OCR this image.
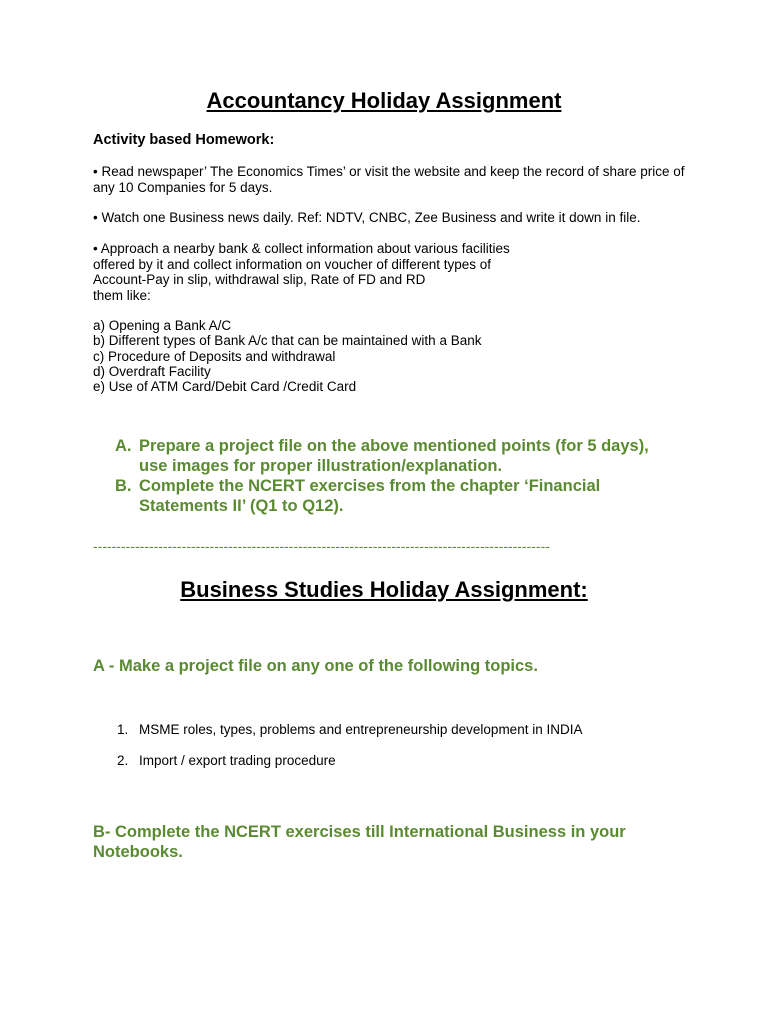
Accountancy Holiday Assignment

Activity based Homework:

• Read newspaper’ The Economics Times’ or visit the website and keep the record of share price of any 10 Companies for 5 days.

• Watch one Business news daily. Ref: NDTV, CNBC, Zee Business and write it down in file.

• Approach a nearby bank & collect information about various facilities
offered by it and collect information on voucher of different types of
Account-Pay in slip, withdrawal slip, Rate of FD and RD
them like:

a) Opening a Bank A/C
b) Different types of Bank A/c that can be maintained with a Bank
c) Procedure of Deposits and withdrawal
d) Overdraft Facility
e) Use of ATM Card/Debit Card /Credit Card
A. Prepare a project file on the above mentioned points (for 5 days), use images for proper illustration/explanation.
B. Complete the NCERT exercises from the chapter ‘Financial Statements II’ (Q1 to Q12).
--------------------------------------------------------------------------------------------------
Business Studies Holiday Assignment:

A - Make a project file on any one of the following topics.

1. MSME roles, types, problems and entrepreneurship development in INDIA
2. Import / export trading procedure

B- Complete the NCERT exercises till International Business in your Notebooks.
